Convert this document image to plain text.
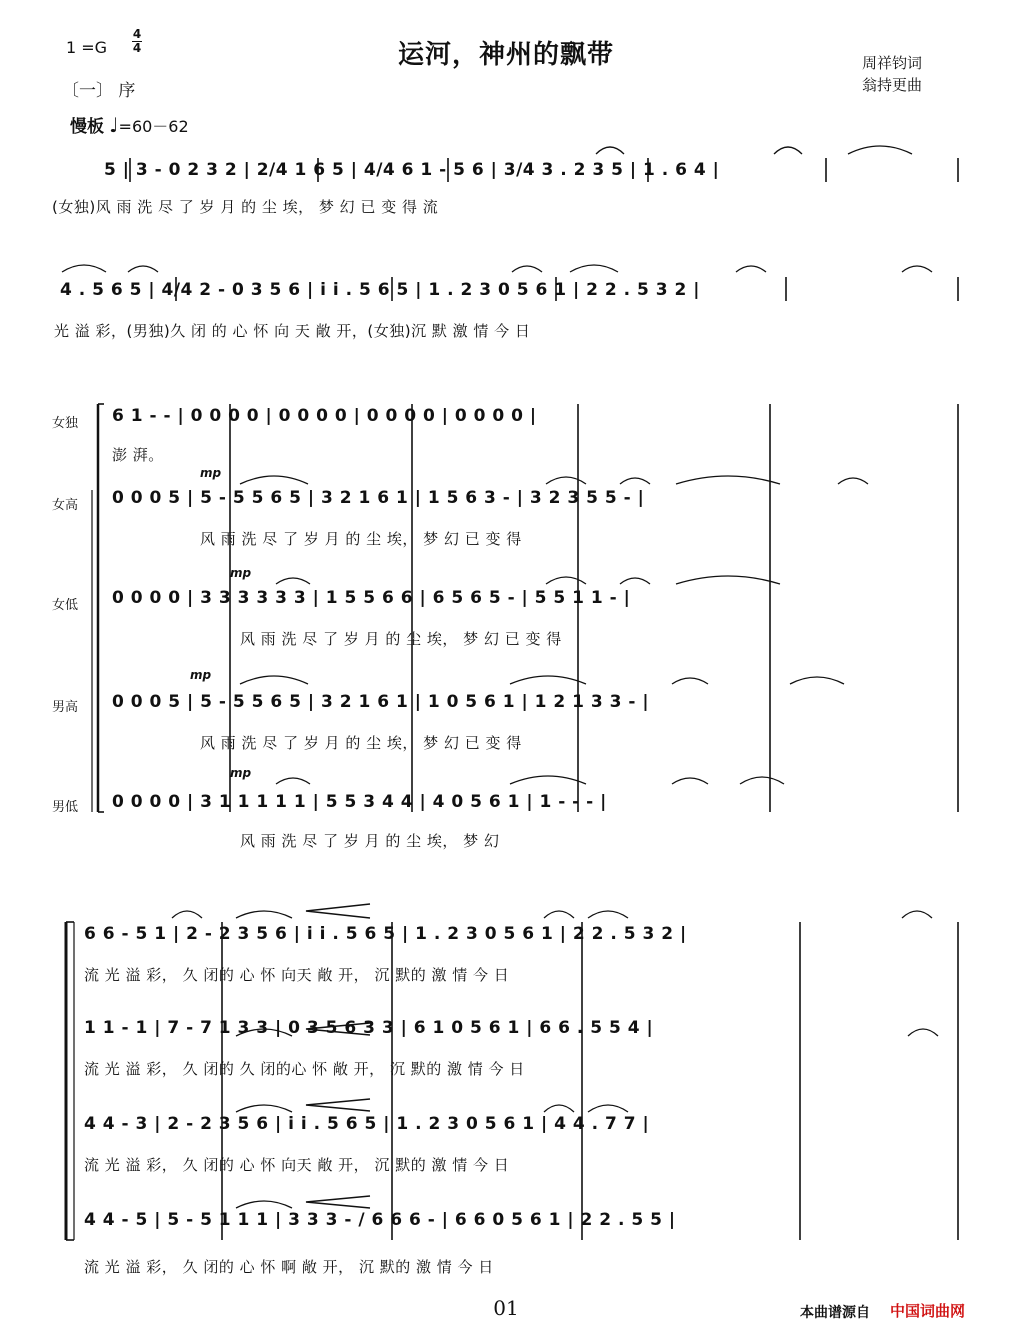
1 =G
4
4	运河，神州的飘带	周祥钧词
翁持更曲
〔一〕 序
慢板 ♩=60－62
5 | 3 - 0 2 3 2 | 2/4 1 6 5 | 4/4 6 1 - 5 6 | 3/4 3 . 2 3 5 | 1 . 6 4 |
(女独)风 雨 洗 尽 了 岁 月 的 尘 埃， 梦 幻 已 变 得 流
4 . 5 6 5 | 4/4 2 - 0 3 5 6 | i i . 5 6 5 | 1 . 2 3 0 5 6 1 | 2 2 . 5 3 2 |
光 溢 彩，(男独)久 闭 的 心 怀 向 天 敞 开，(女独)沉 默 激 情 今 日
女独 6 1 - - | 0 0 0 0 | 0 0 0 0 | 0 0 0 0 | 0 0 0 0 |
澎 湃。
mp
女高 0 0 0 5 | 5 - 5 5 6 5 | 3 2 1 6 1 | 1 5 6 3 - | 3 2 3 5 5 - |
风 雨 洗 尽 了 岁 月 的 尘 埃， 梦 幻 已 变 得
mp
女低 0 0 0 0 | 3 3 3 3 3 3 | 1 5 5 6 6 | 6 5 6 5 - | 5 5 1 1 - |
风 雨 洗 尽 了 岁 月 的 尘 埃， 梦 幻 已 变 得
mp
男高 0 0 0 5 | 5 - 5 5 6 5 | 3 2 1 6 1 | 1 0 5 6 1 | 1 2 1 3 3 - |
风 雨 洗 尽 了 岁 月 的 尘 埃， 梦 幻 已 变 得
mp
男低 0 0 0 0 | 3 1 1 1 1 1 | 5 5 3 4 4 | 4 0 5 6 1 | 1 - - - |
风 雨 洗 尽 了 岁 月 的 尘 埃， 梦 幻
6 6 - 5 1 | 2 - 2 3 5 6 | i i . 5 6 5 | 1 . 2 3 0 5 6 1 | 2 2 . 5 3 2 |
流 光 溢 彩， 久 闭的 心 怀 向天 敞 开， 沉 默的 激 情 今 日
1 1 - 1 | 7 - 7 1 3 3 | 0 3 5 6 3 3 | 6 1 0 5 6 1 | 6 6 . 5 5 4 |
流 光 溢 彩， 久 闭的 久 闭的心 怀 敞 开， 沉 默的 激 情 今 日
4 4 - 3 | 2 - 2 3 5 6 | i i . 5 6 5 | 1 . 2 3 0 5 6 1 | 4 4 . 7 7 |
流 光 溢 彩， 久 闭的 心 怀 向天 敞 开， 沉 默的 激 情 今 日
4 4 - 5 | 5 - 5 1 1 1 | 3 3 3 - / 6 6 6 - | 6 6 0 5 6 1 | 2 2 . 5 5 |
流 光 溢 彩， 久 闭的 心 怀 啊 敞 开， 沉 默的 激 情 今 日
01	本曲谱源自 中国词曲网
